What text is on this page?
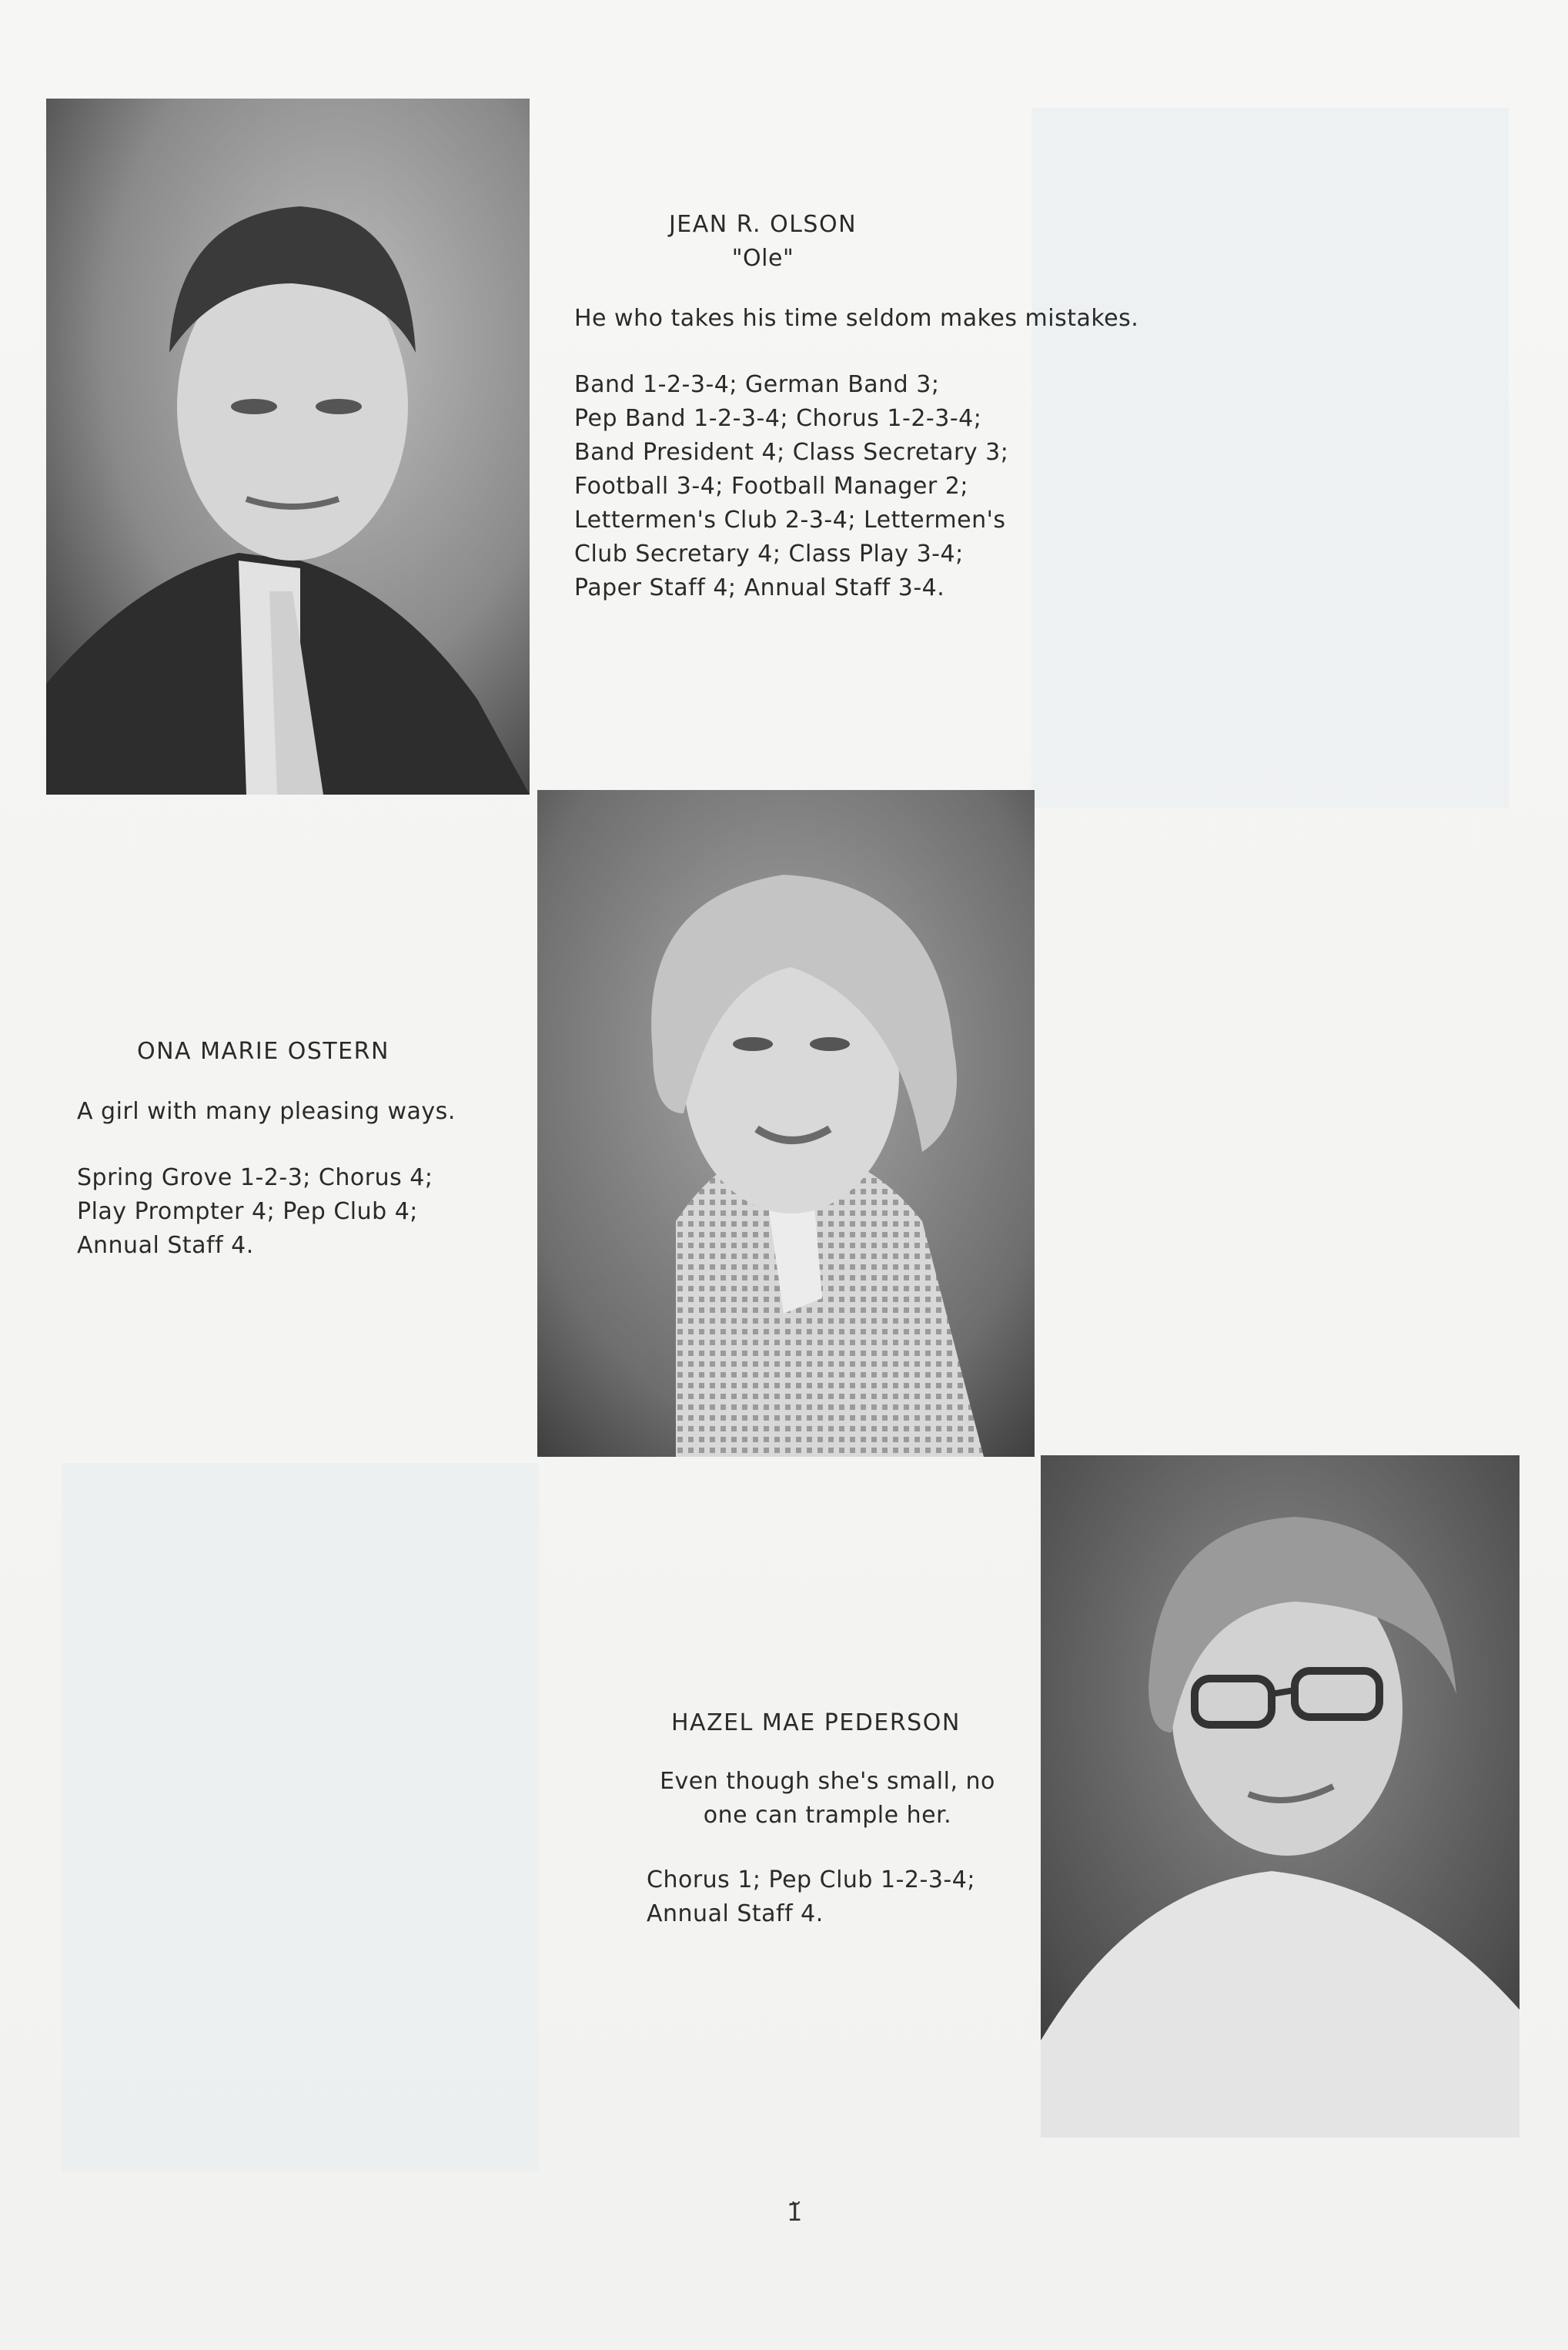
JEAN R. OLSON
"Ole"

He who takes his time seldom makes mistakes.

Band 1-2-3-4; German Band 3;

Pep Band 1-2-3-4; Chorus 1-2-3-4;

Band President 4; Class Secretary 3;

Football 3-4; Football Manager 2;

Lettermen's Club 2-3-4; Lettermen's

Club Secretary 4; Class Play 3-4;

Paper Staff 4; Annual Staff 3-4.

ONA MARIE OSTERN

A girl with many pleasing ways.

Spring Grove 1-2-3; Chorus 4;

Play Prompter 4; Pep Club 4;

Annual Staff 4.

HAZEL MAE PEDERSON

Even though she's small, no

one can trample her.

Chorus 1; Pep Club 1-2-3-4;

Annual Staff 4.

1̆
